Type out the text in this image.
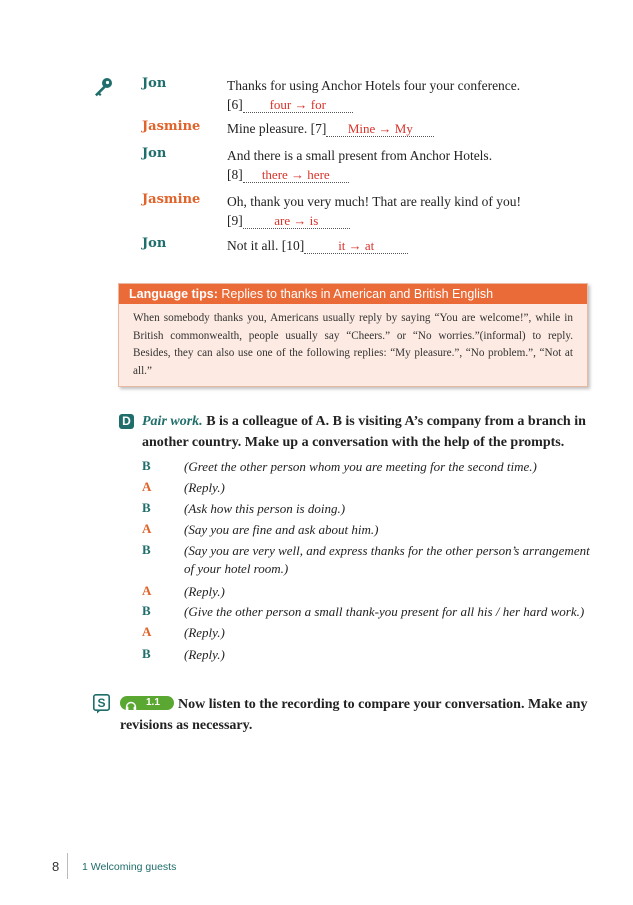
Jon	Thanks for using Anchor Hotels four your conference.
[6] four → for
Jasmine Mine pleasure. [7] Mine → My
Jon	And there is a small present from Anchor Hotels.
[8] there → here
Jasmine Oh, thank you very much! That are really kind of you!
[9] are → is
Jon	Not it all. [10]	it → at
Language tips: Replies to thanks in American and British English
When somebody thanks you, Americans usually reply by saying “You are welcome!”, while in British commonwealth, people usually say “Cheers.” or “No worries.”(informal) to reply. Besides, they can also use one of the following replies: “My pleasure.”, “No problem.”, “Not at all.”
D Pair work. B is a colleague of A. B is visiting A’s company from a branch in another country. Make up a conversation with the help of the prompts.
B	(Greet the other person whom you are meeting for the second time.)
A	(Reply.)
B	(Ask how this person is doing.)
A	(Say you are fine and ask about him.)
B	(Say you are very well, and express thanks for the other person’s arrangement of your hotel room.)
A	(Reply.)
B	(Give the other person a small thank-you present for all his / her hard work.)
A	(Reply.)
B	(Reply.)
S	1.1	Now listen to the recording to compare your conversation. Make any revisions as necessary.
8 1 Welcoming guests
